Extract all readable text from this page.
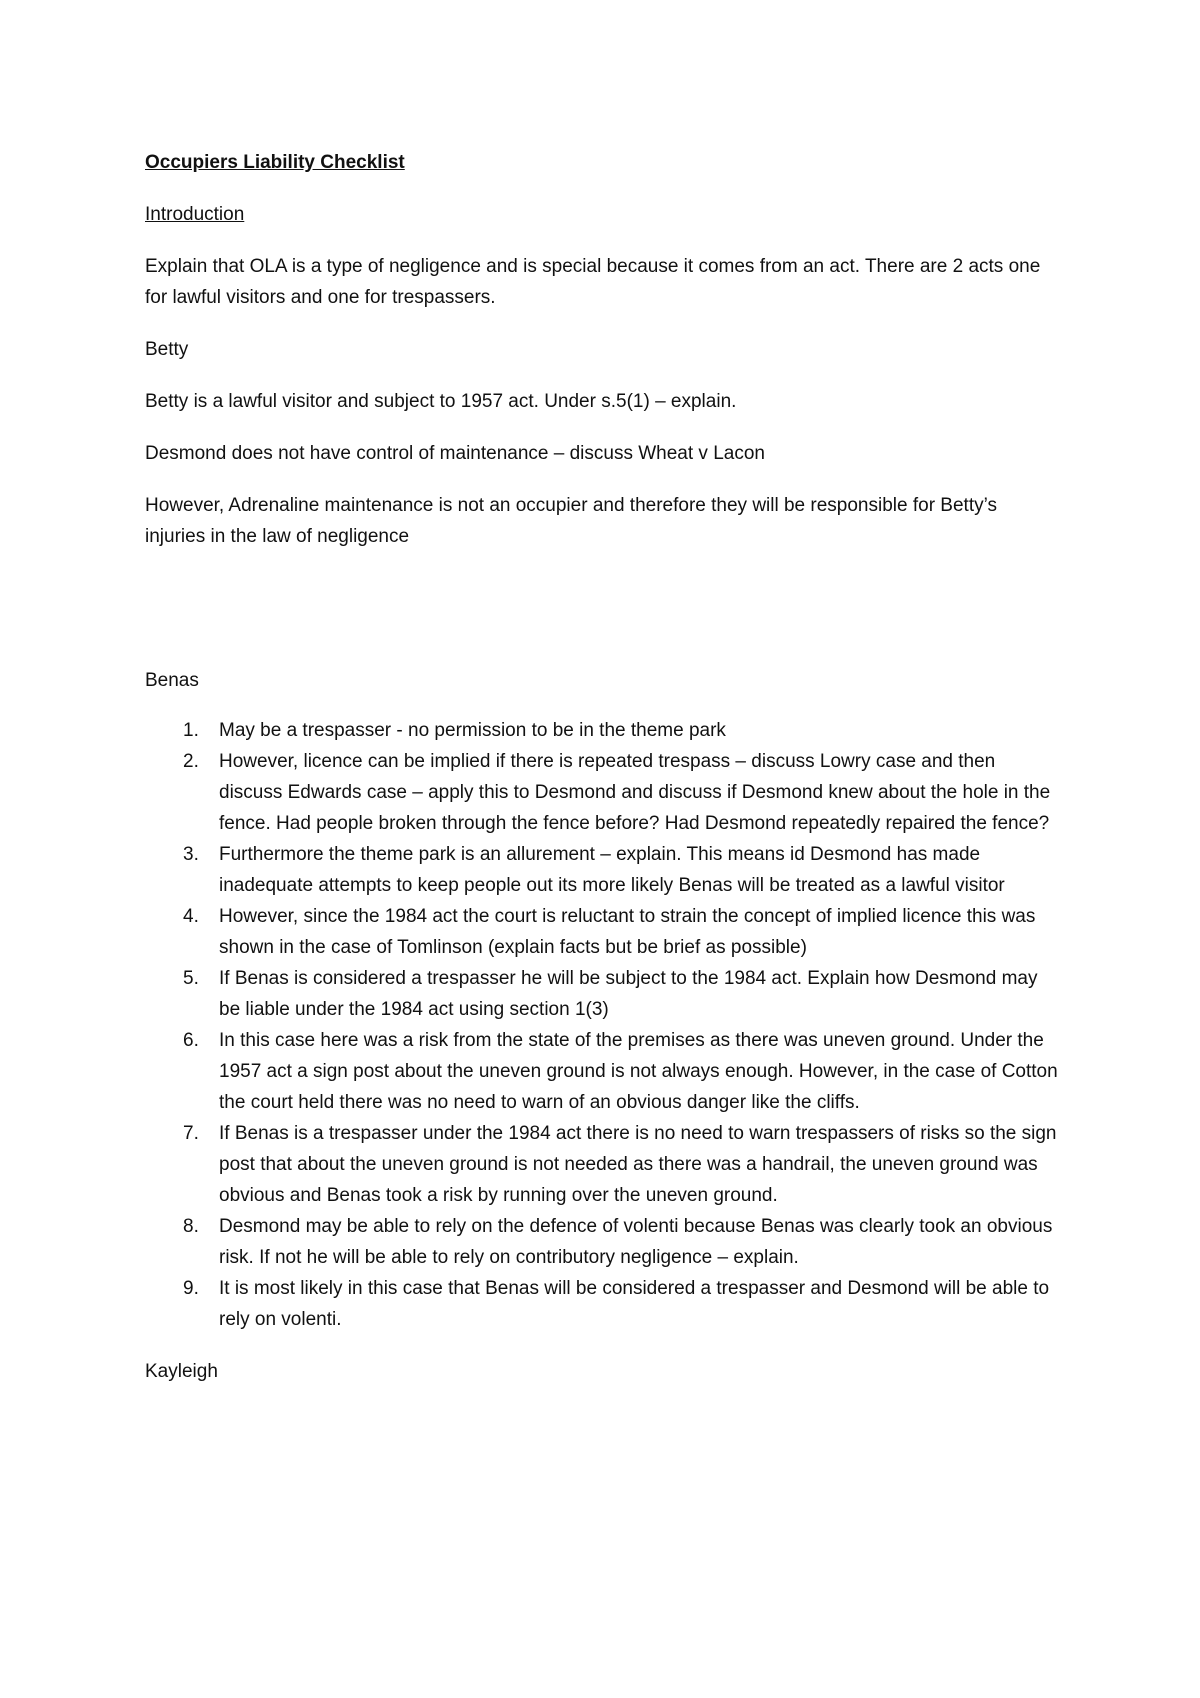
Occupiers Liability Checklist

Introduction

Explain that OLA is a type of negligence and is special because it comes from an act. There are 2 acts one for lawful visitors and one for trespassers.

Betty

Betty is a lawful visitor and subject to 1957 act. Under s.5(1) – explain.

Desmond does not have control of maintenance – discuss Wheat v Lacon

However, Adrenaline maintenance is not an occupier and therefore they will be responsible for Betty’s injuries in the law of negligence

Benas

1.	May be a trespasser - no permission to be in the theme park
2.	However, licence can be implied if there is repeated trespass – discuss Lowry case and then discuss Edwards case – apply this to Desmond and discuss if Desmond knew about the hole in the fence. Had people broken through the fence before? Had Desmond repeatedly repaired the fence?
3.	Furthermore the theme park is an allurement – explain. This means id Desmond has made inadequate attempts to keep people out its more likely Benas will be treated as a lawful visitor
4.	However, since the 1984 act the court is reluctant to strain the concept of implied licence this was shown in the case of Tomlinson (explain facts but be brief as possible)
5.	If Benas is considered a trespasser he will be subject to the 1984 act. Explain how Desmond may be liable under the 1984 act using section 1(3)
6.	In this case here was a risk from the state of the premises as there was uneven ground. Under the 1957 act a sign post about the uneven ground is not always enough. However, in the case of Cotton the court held there was no need to warn of an obvious danger like the cliffs.
7.	If Benas is a trespasser under the 1984 act there is no need to warn trespassers of risks so the sign post that about the uneven ground is not needed as there was a handrail, the uneven ground was obvious and Benas took a risk by running over the uneven ground.
8.	Desmond may be able to rely on the defence of volenti because Benas was clearly took an obvious risk. If not he will be able to rely on contributory negligence – explain.
9.	It is most likely in this case that Benas will be considered a trespasser and Desmond will be able to rely on volenti.

Kayleigh
